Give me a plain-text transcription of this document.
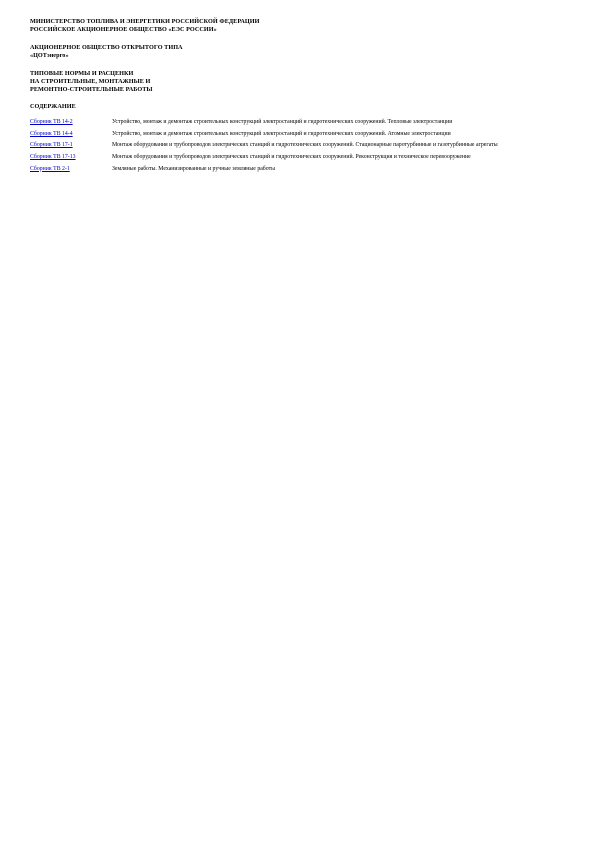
МИНИСТЕРСТВО ТОПЛИВА И ЭНЕРГЕТИКИ РОССИЙСКОЙ ФЕДЕРАЦИИ
РОССИЙСКОЕ АКЦИОНЕРНОЕ ОБЩЕСТВО «ЕЭС РОССИИ»
АКЦИОНЕРНОЕ ОБЩЕСТВО ОТКРЫТОГО ТИПА
«ЦОТэнерго»
ТИПОВЫЕ НОРМЫ И РАСЦЕНКИ
НА СТРОИТЕЛЬНЫЕ, МОНТАЖНЫЕ И
РЕМОНТНО-СТРОИТЕЛЬНЫЕ РАБОТЫ
СОДЕРЖАНИЕ
Сборник ТВ 14-2	Устройство, монтаж и демонтаж строительных конструкций электростанций и гидротехнических сооружений. Тепловые электростанции
Сборник ТВ 14-4	Устройство, монтаж и демонтаж строительных конструкций электростанций и гидротехнических сооружений. Атомные электростанции
Сборник ТВ 17-1	Монтаж оборудования и трубопроводов электрических станций и гидротехнических сооружений. Стационарные паротурбинные и газотурбинные агрегаты
Сборник ТВ 17-13	Монтаж оборудования и трубопроводов электрических станций и гидротехнических сооружений. Реконструкция и техническое перевооружение
Сборник ТВ 2-1	Земляные работы. Механизированные и ручные земляные работы
